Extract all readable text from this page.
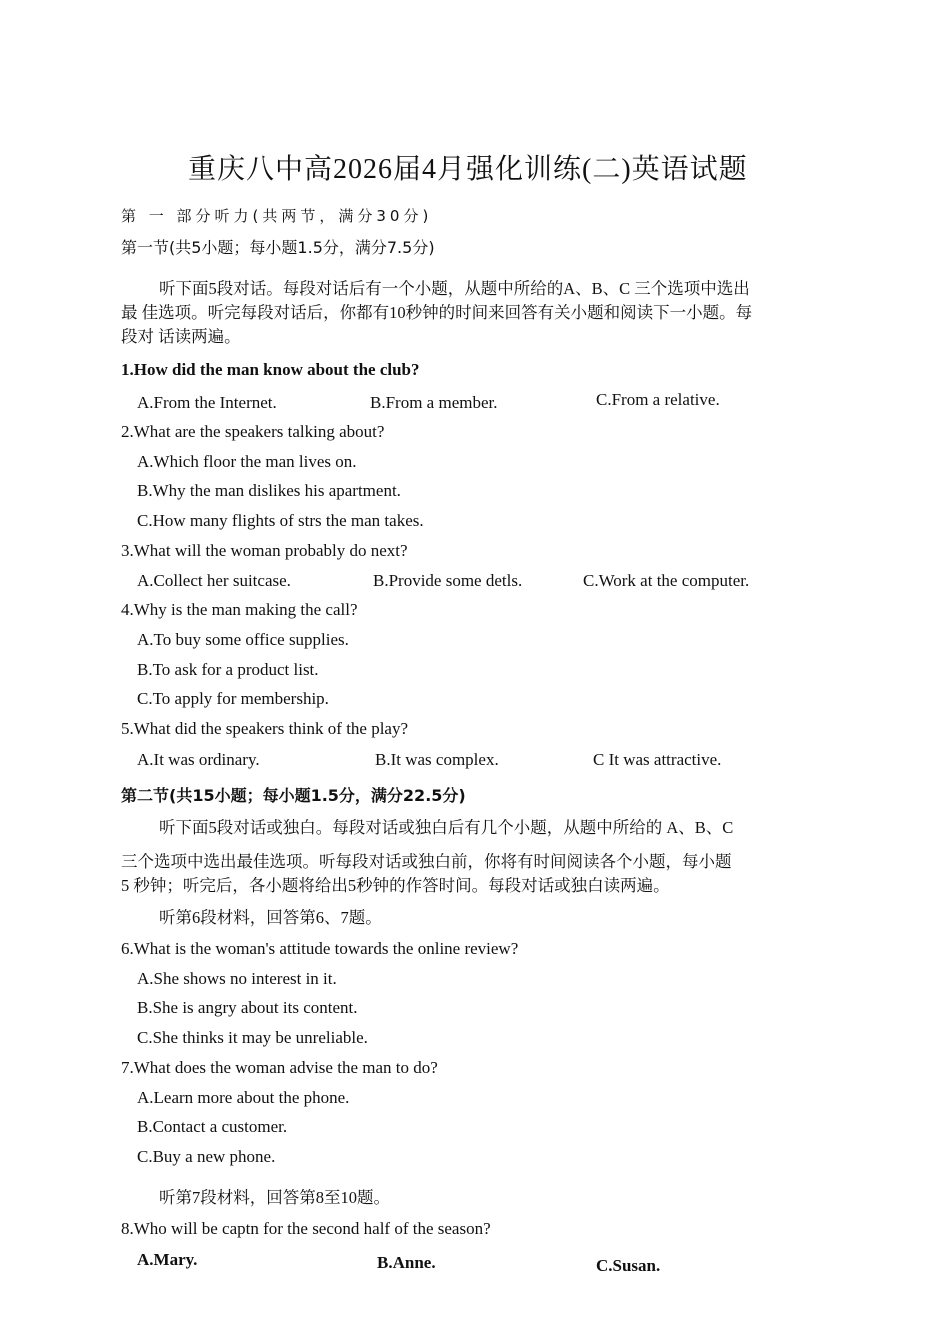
重庆八中高2026届4月强化训练(二)英语试题
第 一 部分听力(共两节，满分30分)
第一节(共5小题；每小题1.5分，满分7.5分)
听下面5段对话。每段对话后有一个小题，从题中所给的A、B、C 三个选项中选出
最 佳选项。听完每段对话后，你都有10秒钟的时间来回答有关小题和阅读下一小题。每
段对 话读两遍。
1.How did the man know about the club?
A.From the Internet.	B.From a member.	C.From a relative.
2.What are the speakers talking about?
A.Which floor the man lives on.
B.Why the man dislikes his apartment.
C.How many flights of strs the man takes.
3.What will the woman probably do next?
A.Collect her suitcase.	B.Provide some detls.	C.Work at the computer.
4.Why is the man making the call?
A.To buy some office supplies.
B.To ask for a product list.
C.To apply for membership.
5.What did the speakers think of the play?
A.It was ordinary.	B.It was complex.	C It was attractive.
第二节(共15小题；每小题1.5分，满分22.5分)
听下面5段对话或独白。每段对话或独白后有几个小题，从题中所给的 A、B、C
三个选项中选出最佳选项。听每段对话或独白前，你将有时间阅读各个小题，每小题
5 秒钟；听完后，各小题将给出5秒钟的作答时间。每段对话或独白读两遍。
听第6段材料，回答第6、7题。
6.What is the woman's attitude towards the online review?
A.She shows no interest in it.
B.She is angry about its content.
C.She thinks it may be unreliable.
7.What does the woman advise the man to do?
A.Learn more about the phone.
B.Contact a customer.
C.Buy a new phone.
听第7段材料，回答第8至10题。
8.Who will be captn for the second half of the season?
A.Mary.	B.Anne.	C.Susan.
